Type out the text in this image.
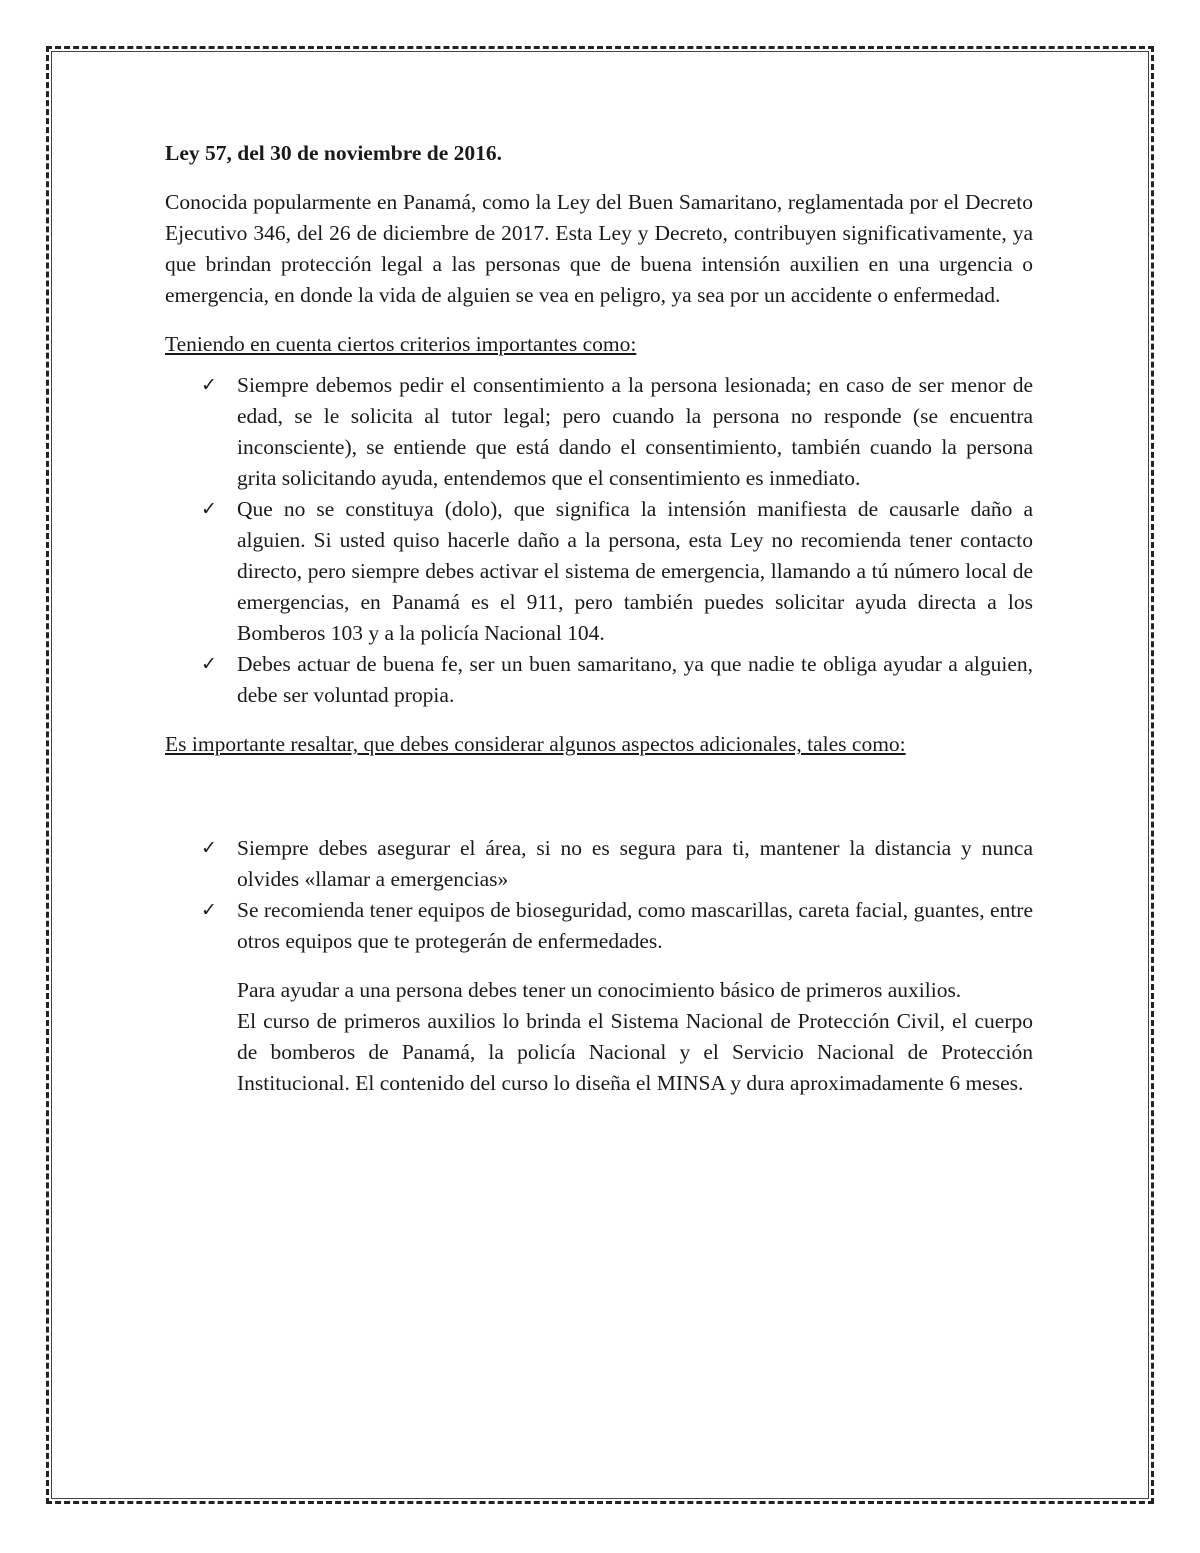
Ley 57, del 30 de noviembre de 2016.

Conocida popularmente en Panamá, como la Ley del Buen Samaritano, reglamentada por el Decreto Ejecutivo 346, del 26 de diciembre de 2017. Esta Ley y Decreto, contribuyen significativamente, ya que brindan protección legal a las personas que de buena intensión auxilien en una urgencia o emergencia, en donde la vida de alguien se vea en peligro, ya sea por un accidente o enfermedad.

Teniendo en cuenta ciertos criterios importantes como:

✓ Siempre debemos pedir el consentimiento a la persona lesionada; en caso de ser menor de edad, se le solicita al tutor legal; pero cuando la persona no responde (se encuentra inconsciente), se entiende que está dando el consentimiento, también cuando la persona grita solicitando ayuda, entendemos que el consentimiento es inmediato.
✓ Que no se constituya (dolo), que significa la intensión manifiesta de causarle daño a alguien. Si usted quiso hacerle daño a la persona, esta Ley no recomienda tener contacto directo, pero siempre debes activar el sistema de emergencia, llamando a tú número local de emergencias, en Panamá es el 911, pero también puedes solicitar ayuda directa a los Bomberos 103 y a la policía Nacional 104.
✓ Debes actuar de buena fe, ser un buen samaritano, ya que nadie te obliga ayudar a alguien, debe ser voluntad propia.

Es importante resaltar, que debes considerar algunos aspectos adicionales, tales como:

✓ Siempre debes asegurar el área, si no es segura para ti, mantener la distancia y nunca olvides «llamar a emergencias»
✓ Se recomienda tener equipos de bioseguridad, como mascarillas, careta facial, guantes, entre otros equipos que te protegerán de enfermedades.

Para ayudar a una persona debes tener un conocimiento básico de primeros auxilios.

El curso de primeros auxilios lo brinda el Sistema Nacional de Protección Civil, el cuerpo de bomberos de Panamá, la policía Nacional y el Servicio Nacional de Protección Institucional. El contenido del curso lo diseña el MINSA y dura aproximadamente 6 meses.
